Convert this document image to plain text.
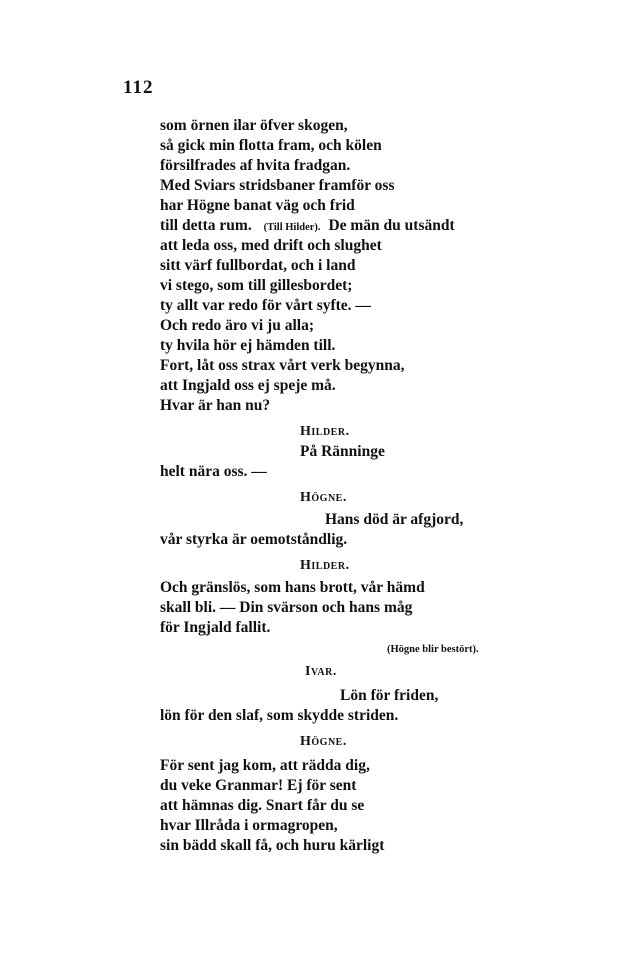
112
som örnen ilar öfver skogen,
så gick min flotta fram, och kölen
försilfrades af hvita fradgan.
Med Sviars stridsbaner framför oss
har Högne banat väg och frid
till detta rum. (Till Hilder). De män du utsändt
att leda oss, med drift och slughet
sitt värf fullbordat, och i land
vi stego, som till gillesbordet;
ty allt var redo för vårt syfte. —
Och redo äro vi ju alla;
ty hvila hör ej hämden till.
Fort, låt oss strax vårt verk begynna,
att Ingjald oss ej speje må.
Hvar är han nu?
Hilder.
På Ränninge
helt nära oss. —
Högne.
Hans död är afgjord,
vår styrka är oemotståndlig.
Hilder.
Och gränslös, som hans brott, vår hämd
skall bli. — Din svärson och hans måg
för Ingjald fallit.
(Högne blir bestört).
Ivar.
Lön för friden,
lön för den slaf, som skydde striden.
Högne.
För sent jag kom, att rädda dig,
du veke Granmar! Ej för sent
att hämnas dig. Snart får du se
hvar Illråda i ormagropen,
sin bädd skall få, och huru kärligt
